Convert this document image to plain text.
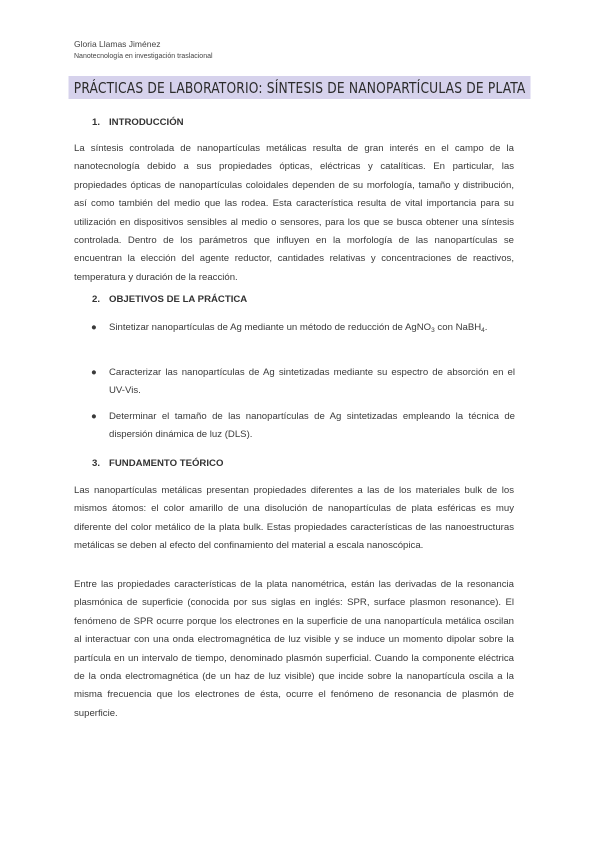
Gloria Llamas Jiménez
Nanotecnología en investigación traslacional
PRÁCTICAS DE LABORATORIO: SÍNTESIS DE NANOPARTÍCULAS DE PLATA
1. INTRODUCCIÓN

La síntesis controlada de nanopartículas metálicas resulta de gran interés en el campo de la nanotecnología debido a sus propiedades ópticas, eléctricas y catalíticas. En particular, las propiedades ópticas de nanopartículas coloidales dependen de su morfología, tamaño y distribución, así como también del medio que las rodea. Esta característica resulta de vital importancia para su utilización en dispositivos sensibles al medio o sensores, para los que se busca obtener una síntesis controlada. Dentro de los parámetros que influyen en la morfología de las nanopartículas se encuentran la elección del agente reductor, cantidades relativas y concentraciones de reactivos, temperatura y duración de la reacción.

2. OBJETIVOS DE LA PRÁCTICA
● Sintetizar nanopartículas de Ag mediante un método de reducción de AgNO$_3$ con NaBH$_4$.
● Caracterizar las nanopartículas de Ag sintetizadas mediante su espectro de absorción en el UV-Vis.
● Determinar el tamaño de las nanopartículas de Ag sintetizadas empleando la técnica de dispersión dinámica de luz (DLS).
3. FUNDAMENTO TEÓRICO

Las nanopartículas metálicas presentan propiedades diferentes a las de los materiales bulk de los mismos átomos: el color amarillo de una disolución de nanopartículas de plata esféricas es muy diferente del color metálico de la plata bulk. Estas propiedades características de las nanoestructuras metálicas se deben al efecto del confinamiento del material a escala nanoscópica.

Entre las propiedades características de la plata nanométrica, están las derivadas de la resonancia plasmónica de superficie (conocida por sus siglas en inglés: SPR, surface plasmon resonance). El fenómeno de SPR ocurre porque los electrones en la superficie de una nanopartícula metálica oscilan al interactuar con una onda electromagnética de luz visible y se induce un momento dipolar sobre la partícula en un intervalo de tiempo, denominado plasmón superficial. Cuando la componente eléctrica de la onda electromagnética (de un haz de luz visible) que incide sobre la nanopartícula oscila a la misma frecuencia que los electrones de ésta, ocurre el fenómeno de resonancia de plasmón de superficie.
